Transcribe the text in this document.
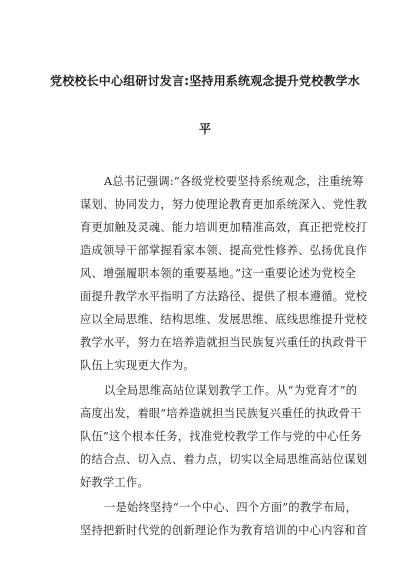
党校校长中心组研讨发言:坚持用系统观念提升党校教学水
平
A总书记强调:“各级党校要坚持系统观念，注重统筹
谋划、协同发力，努力使理论教育更加系统深入、党性教
育更加触及灵魂、能力培训更加精准高效，真正把党校打
造成领导干部掌握看家本领、提高党性修养、弘扬优良作
风、增强履职本领的重要基地。”这一重要论述为党校全
面提升教学水平指明了方法路径、提供了根本遵循。党校
应以全局思维、结构思维、发展思维、底线思维提升党校
教学水平，努力在培养造就担当民族复兴重任的执政骨干
队伍上实现更大作为。
以全局思维高站位谋划教学工作。从“为党育才”的
高度出发，着眼“培养造就担当民族复兴重任的执政骨干
队伍”这个根本任务，找准党校教学工作与党的中心任务
的结合点、切入点、着力点，切实以全局思维高站位谋划
好教学工作。
一是始终坚持“一个中心、四个方面”的教学布局，
坚持把新时代党的创新理论作为教育培训的中心内容和首
